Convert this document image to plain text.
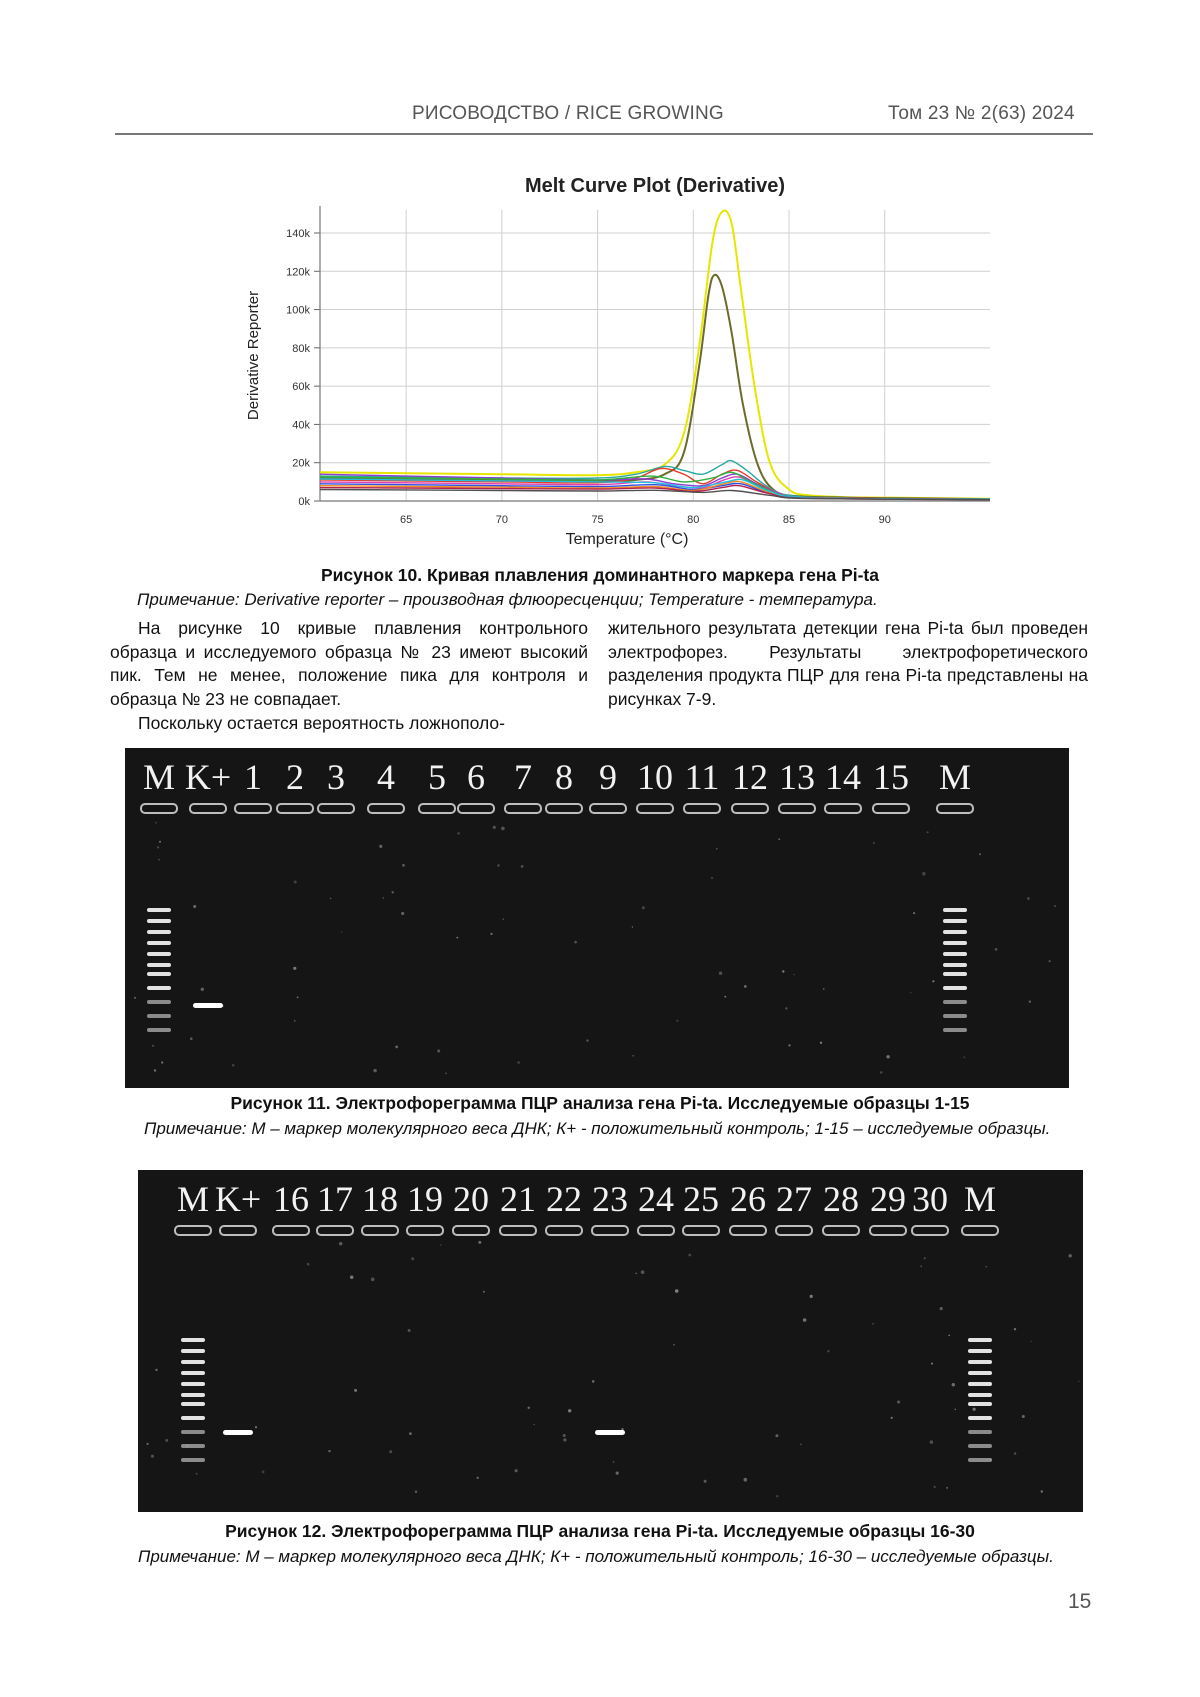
РИСОВОДСТВО / RICE GROWING	Том 23 № 2(63) 2024
Melt Curve Plot (Derivative)
65	70	75	80	85	90
0k
20k
40k
60k
80k
100k
120k
140k
Temperature (°C)
Derivative Reporter
Рисунок 10. Кривая плавления доминантного маркера гена Pi-ta
Примечание: Derivative reporter – производная флюоресценции; Temperature - температура.

На рисунке 10 кривые плавления контрольного образца и исследуемого образца № 23 имеют высокий пик. Тем не менее, положение пика для контроля и образца № 23 не совпадает.

Поскольку остается вероятность ложнополо-

жительного результата детекции гена Pi-ta был проведен электрофорез. Результаты электрофоретического разделения продукта ПЦР для гена Pi-ta представлены на рисунках 7-9.

M K+ 1 2 3 4 5 6 7 8 9 10 11 12 13 14 15 M
Рисунок 11. Электрофореграмма ПЦР анализа гена Pi-ta. Исследуемые образцы 1-15
Примечание: M – маркер молекулярного веса ДНК; К+ - положительный контроль; 1-15 – исследуемые образцы.
M K+ 16 17 18 19 20 21 22 23 24 25 26 27 28 29 30 M
Рисунок 12. Электрофореграмма ПЦР анализа гена Pi-ta. Исследуемые образцы 16-30
Примечание: M – маркер молекулярного веса ДНК; К+ - положительный контроль; 16-30 – исследуемые образцы.
15
